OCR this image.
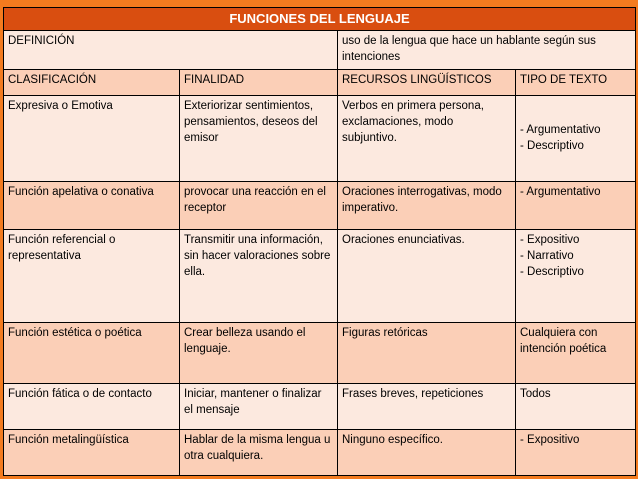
FUNCIONES DEL LENGUAJE			
DEFINICIÓN		uso de la lengua que hace un hablante según sus intenciones	
CLASIFICACIÓN	FINALIDAD	RECURSOS LINGÜÍSTICOS	TIPO DE TEXTO
Expresiva o Emotiva	Exteriorizar sentimientos, pensamientos, deseos del emisor	Verbos en primera persona, exclamaciones, modo subjuntivo.	- Argumentativo
- Descriptivo

Función apelativa o conativa	provocar una reacción en el receptor	Oraciones interrogativas, modo imperativo.	- Argumentativo

Función referencial o representativa	Transmitir una información, sin hacer valoraciones sobre ella.	Oraciones enunciativas.	- Expositivo
- Narrativo
- Descriptivo

Función estética o poética	Crear belleza usando el lenguaje.	Figuras retóricas	Cualquiera con intención poética

Función fática o de contacto	Iniciar, mantener o finalizar el mensaje	Frases breves, repeticiones	Todos

Función metalingüística	Hablar de la misma lengua u otra cualquiera.	Ninguno específico.	- Expositivo
